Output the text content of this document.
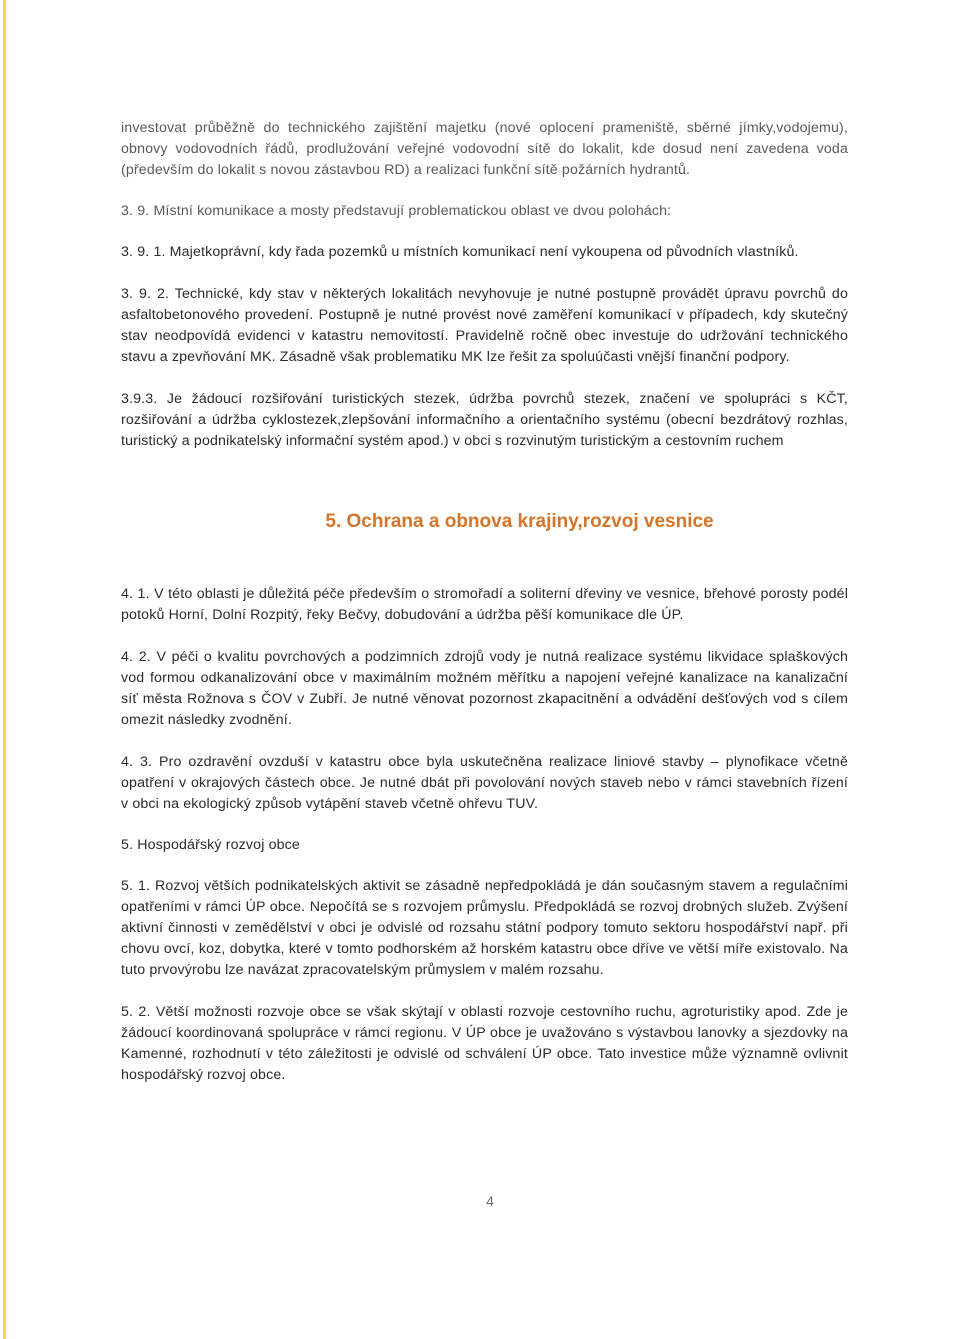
investovat průběžně do technického zajištění majetku (nové oplocení prameniště, sběrné jímky,vodojemu), obnovy vodovodních řádů, prodlužování veřejné vodovodní sítě do lokalit, kde dosud není zavedena voda (především do lokalit s novou zástavbou RD) a realizaci funkční sítě požárních hydrantů.

3. 9. Místní komunikace a mosty představují problematickou oblast ve dvou polohách:

3. 9. 1. Majetkoprávní, kdy řada pozemků u místních komunikací není vykoupena od původních vlastníků.

3. 9. 2. Technické, kdy stav v některých lokalitách nevyhovuje je nutné postupně provádět úpravu povrchů do asfaltobetonového provedení. Postupně je nutné provést nové zaměření komunikací v případech, kdy skutečný stav neodpovídá evidenci v katastru nemovitostí. Pravidelně ročně obec investuje do udržování technického stavu a zpevňování MK. Zásadně však problematiku MK lze řešit za spoluúčasti vnější finanční podpory.

3.9.3. Je žádoucí rozšiřování turistických stezek, údržba povrchů stezek, značení ve spolupráci s KČT, rozšiřování a údržba cyklostezek,zlepšování informačního a orientačního systému (obecní bezdrátový rozhlas, turistický a podnikatelský informační systém apod.) v obci s rozvinutým turistickým a cestovním ruchem

5. Ochrana a obnova krajiny,rozvoj vesnice

4. 1. V této oblasti je důležitá péče především o stromořadí a soliterní dřeviny ve vesnice, břehové porosty podél potoků Horní, Dolní Rozpitý, řeky Bečvy, dobudování a údržba pěší komunikace dle ÚP.

4. 2. V péči o kvalitu povrchových a podzimních zdrojů vody je nutná realizace systému likvidace splaškových vod formou odkanalizování obce v maximálním možném měřítku a napojení veřejné kanalizace na kanalizační síť města Rožnova s ČOV v Zubří. Je nutné věnovat pozornost zkapacitnění a odvádění dešťových vod s cílem omezit následky zvodnění.

4. 3. Pro ozdravění ovzduší v katastru obce byla uskutečněna realizace liniové stavby – plynofikace včetně opatření v okrajových částech obce. Je nutné dbát při povolování nových staveb nebo v rámci stavebních řízení v obci na ekologický způsob vytápění staveb včetně ohřevu TUV.

5. Hospodářský rozvoj obce

5. 1. Rozvoj větších podnikatelských aktivit se zásadně nepředpokládá je dán současným stavem a regulačními opatřeními v rámci ÚP obce. Nepočítá se s rozvojem průmyslu. Předpokládá se rozvoj drobných služeb. Zvýšení aktivní činnosti v zemědělství v obci je odvislé od rozsahu státní podpory tomuto sektoru hospodářství např. při chovu ovcí, koz, dobytka, které v tomto podhorském až horském katastru obce dříve ve větší míře existovalo. Na tuto prvovýrobu lze navázat zpracovatelským průmyslem v malém rozsahu.

5. 2. Větší možnosti rozvoje obce se však skýtají v oblasti rozvoje cestovního ruchu, agroturistiky apod. Zde je žádoucí koordinovaná spolupráce v rámci regionu. V ÚP obce je uvažováno s výstavbou lanovky a sjezdovky na Kamenné, rozhodnutí v této záležitosti je odvislé od schválení ÚP obce. Tato investice může významně ovlivnit hospodářský rozvoj obce.

4
